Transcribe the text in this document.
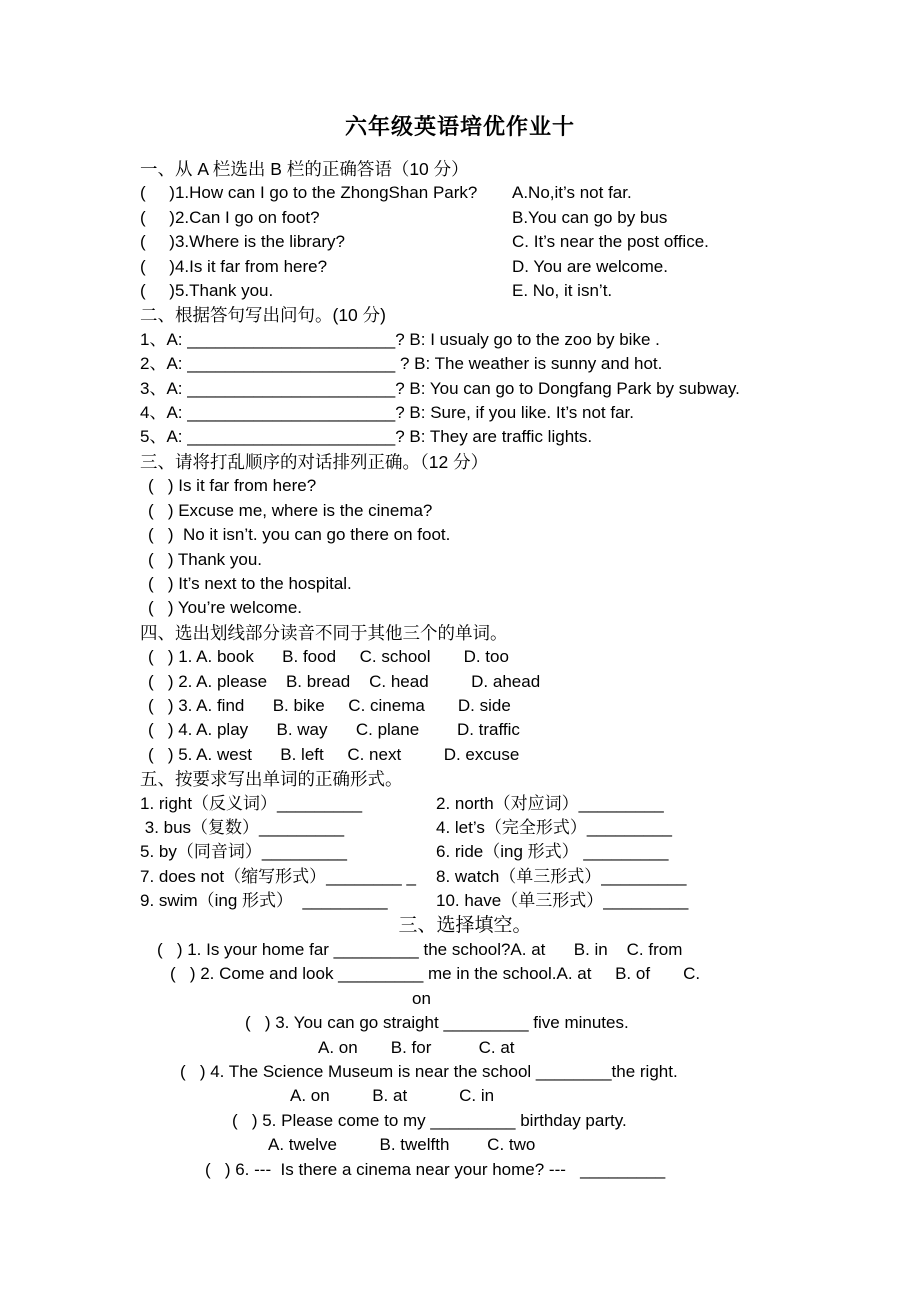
六年级英语培优作业十
一、从 A 栏选出 B 栏的正确答语（10 分）
(     )1.How can I go to the ZhongShan Park?	A.No,it’s not far.
(     )2.Can I go on foot?	B.You can go by bus
(     )3.Where is the library?	C. It’s near the post office.
(     )4.Is it far from here?	D. You are welcome.
(     )5.Thank you.	E. No, it isn’t.
二、根据答句写出问句。(10 分)
1、A: ______________________? B: I usualy go to the zoo by bike .
2、A: ______________________ ? B: The weather is sunny and hot.
3、A: ______________________? B: You can go to Dongfang Park by subway.
4、A: ______________________? B: Sure, if you like. It’s not far.
5、A: ______________________? B: They are traffic lights.
三、请将打乱顺序的对话排列正确。（12 分）
(   ) Is it far from here?
(   ) Excuse me, where is the cinema?
(   )  No it isn’t. you can go there on foot.
(   ) Thank you.
(   ) It’s next to the hospital.
(   ) You’re welcome.
四、选出划线部分读音不同于其他三个的单词。
(   ) 1. A. book      B. food     C. school       D. too
(   ) 2. A. please    B. bread    C. head         D. ahead
(   ) 3. A. find      B. bike     C. cinema       D. side
(   ) 4. A. play      B. way      C. plane        D. traffic
(   ) 5. A. west      B. left     C. next         D. excuse
五、按要求写出单词的正确形式。
1. right（反义词）_________	2. north（对应词）_________
3. bus（复数）_________	4. let’s（完全形式）_________
5. by（同音词）_________	6. ride（ing 形式） _________
7. does not（缩写形式）________ _	8. watch（单三形式）_________
9. swim（ing 形式）  _________	10. have（单三形式）_________
三、选择填空。
(   ) 1. Is your home far _________ the school?A. at      B. in    C. from
(   ) 2. Come and look _________ me in the school.A. at     B. of       C.
on
(   ) 3. You can go straight _________ five minutes.
A. on       B. for          C. at
(   ) 4. The Science Museum is near the school ________the right.
A. on         B. at           C. in
(   ) 5. Please come to my _________ birthday party.
A. twelve         B. twelfth        C. two
(   ) 6. ---  Is there a cinema near your home? ---   _________
